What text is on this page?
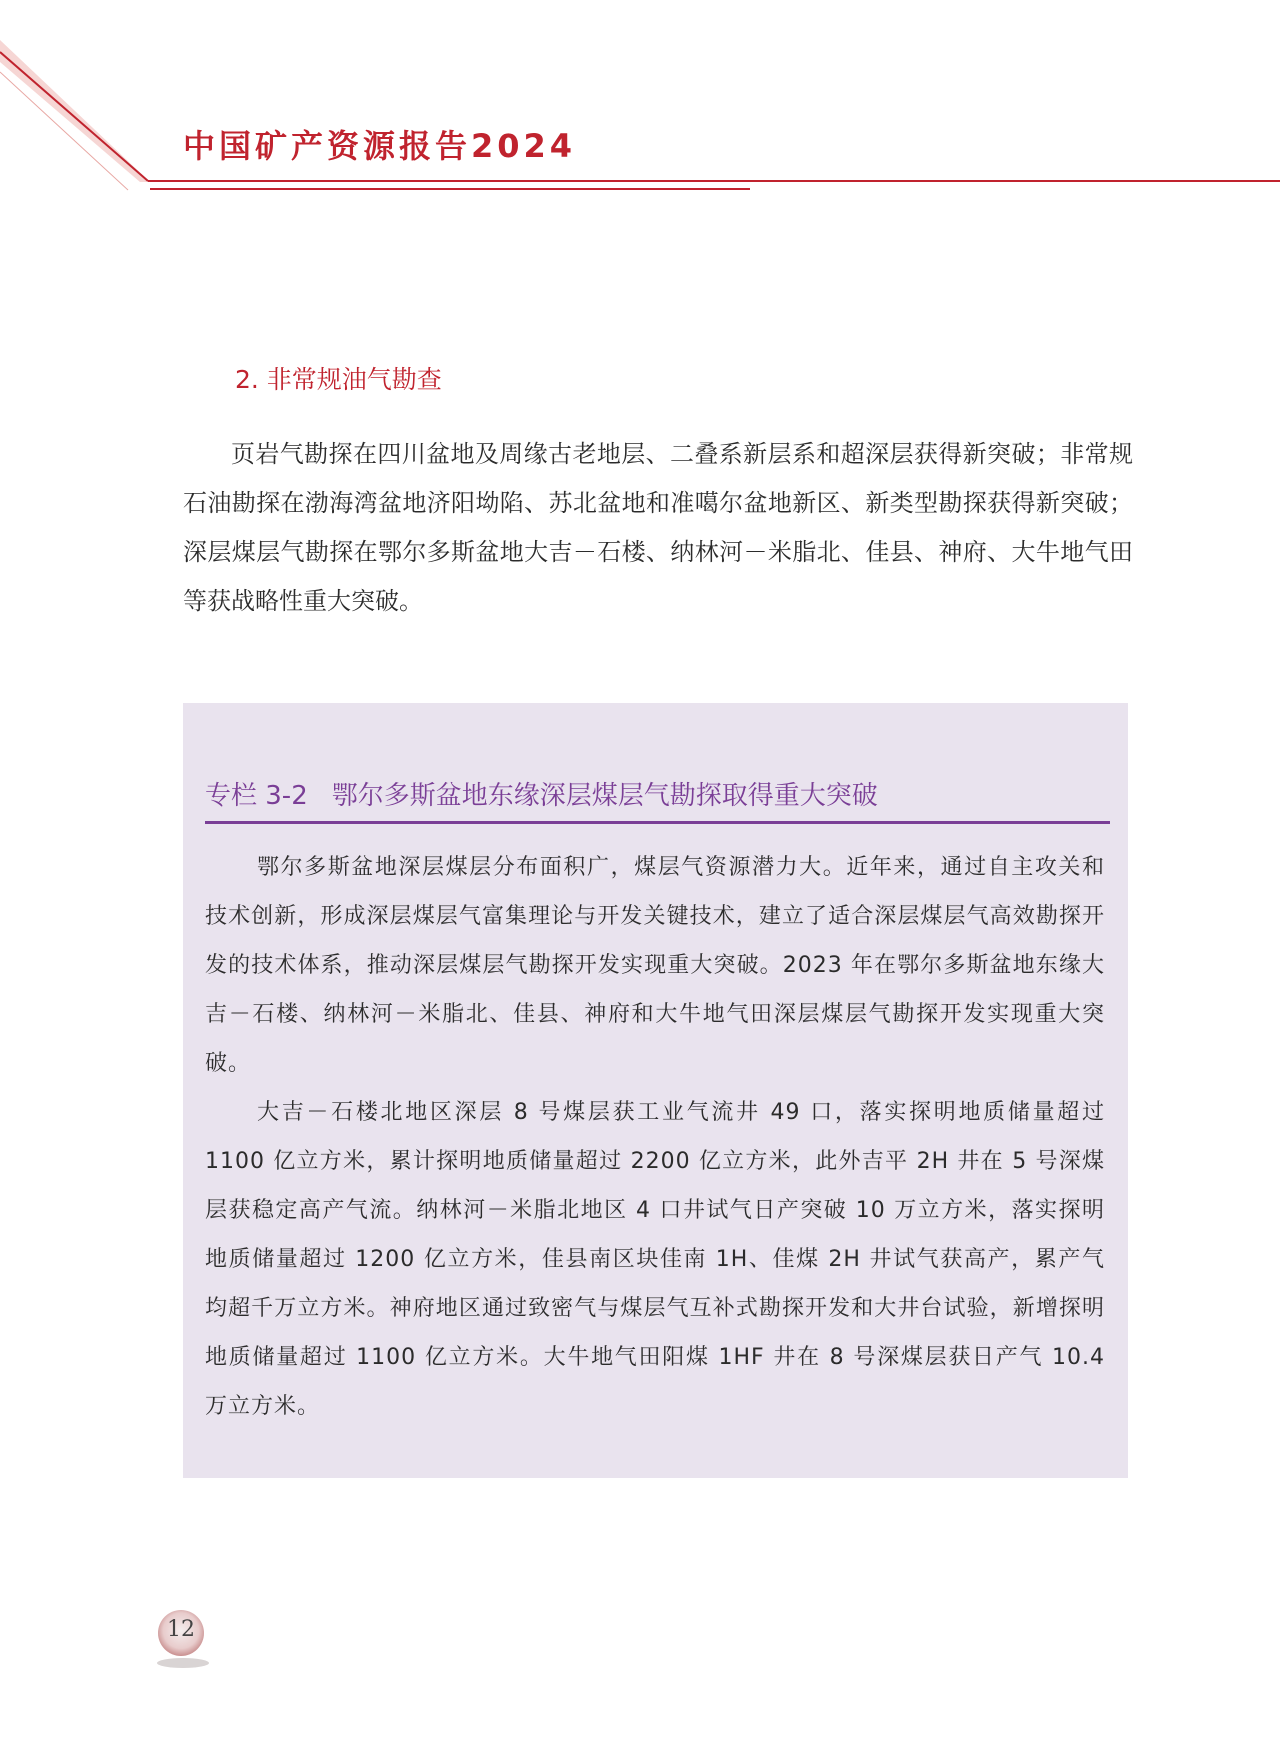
中国矿产资源报告2024
2. 非常规油气勘查

页岩气勘探在四川盆地及周缘古老地层、二叠系新层系和超深层获得新突破；非常规石油勘探在渤海湾盆地济阳坳陷、苏北盆地和准噶尔盆地新区、新类型勘探获得新突破；深层煤层气勘探在鄂尔多斯盆地大吉－石楼、纳林河－米脂北、佳县、神府、大牛地气田等获战略性重大突破。

专栏 3-2 鄂尔多斯盆地东缘深层煤层气勘探取得重大突破

鄂尔多斯盆地深层煤层分布面积广，煤层气资源潜力大。近年来，通过自主攻关和技术创新，形成深层煤层气富集理论与开发关键技术，建立了适合深层煤层气高效勘探开发的技术体系，推动深层煤层气勘探开发实现重大突破。2023 年在鄂尔多斯盆地东缘大吉－石楼、纳林河－米脂北、佳县、神府和大牛地气田深层煤层气勘探开发实现重大突破。

大吉－石楼北地区深层 8 号煤层获工业气流井 49 口，落实探明地质储量超过 1100 亿立方米，累计探明地质储量超过 2200 亿立方米，此外吉平 2H 井在 5 号深煤层获稳定高产气流。纳林河－米脂北地区 4 口井试气日产突破 10 万立方米，落实探明地质储量超过 1200 亿立方米，佳县南区块佳南 1H、佳煤 2H 井试气获高产，累产气均超千万立方米。神府地区通过致密气与煤层气互补式勘探开发和大井台试验，新增探明地质储量超过 1100 亿立方米。大牛地气田阳煤 1HF 井在 8 号深煤层获日产气 10.4 万立方米。

12
